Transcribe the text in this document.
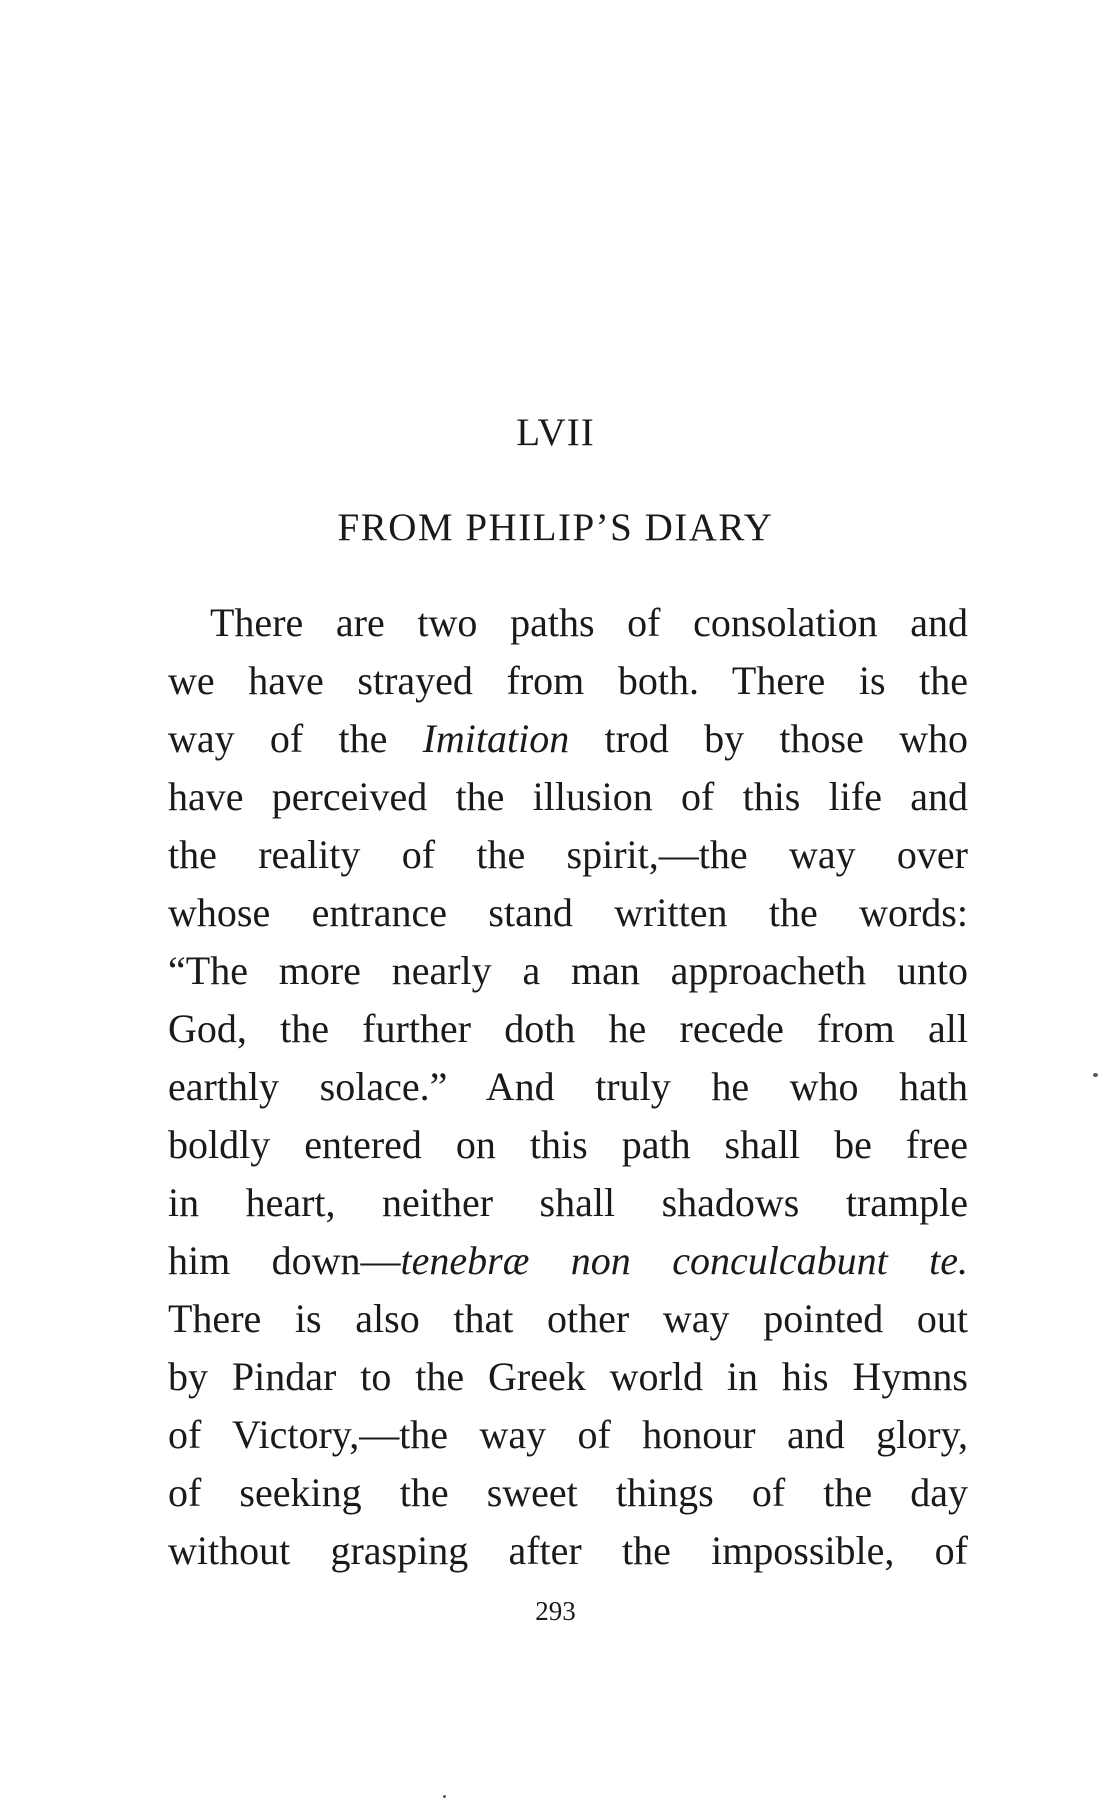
LVII
FROM PHILIP’S DIARY
There are two paths of consolation and
we have strayed from both. There is the
way of the Imitation trod by those who
have perceived the illusion of this life and
the reality of the spirit,—the way over
whose entrance stand written the words:
“The more nearly a man approacheth unto
God, the further doth he recede from all
earthly solace.” And truly he who hath
boldly entered on this path shall be free
in heart, neither shall shadows trample
him down—tenebræ non conculcabunt te.
There is also that other way pointed out
by Pindar to the Greek world in his Hymns
of Victory,—the way of honour and glory,
of seeking the sweet things of the day
without grasping after the impossible, of
293
